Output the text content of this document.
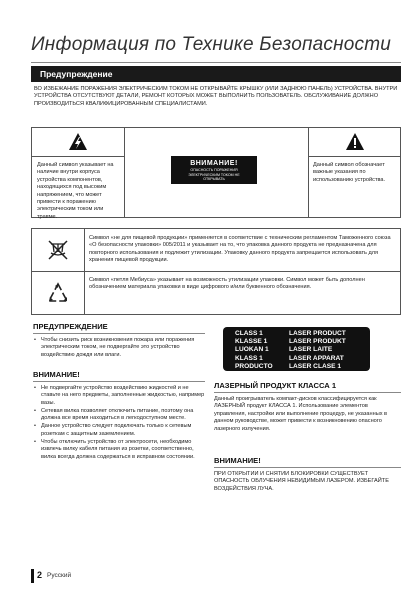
Информация по Технике Безопасности
Предупреждение
ВО ИЗБЕЖАНИЕ ПОРАЖЕНИЯ ЭЛЕКТРИЧЕСКИМ ТОКОМ НЕ ОТКРЫВАЙТЕ КРЫШКУ (ИЛИ ЗАДНЮЮ ПАНЕЛЬ) УСТРОЙСТВА. ВНУТРИ УСТРОЙСТВА ОТСУТСТВУЮТ ДЕТАЛИ, РЕМОНТ КОТОРЫХ МОЖЕТ ВЫПОЛНИТЬ ПОЛЬЗОВАТЕЛЬ. ОБСЛУЖИВАНИЕ ДОЛЖНО ПРОИЗВОДИТЬСЯ КВАЛИФИЦИРОВАННЫМ СПЕЦИАЛИСТАМИ.
Данный символ указывает на наличие внутри корпуса устройства компонентов, находящихся под высоким напряжением, что может привести к поражению электрическим током или травме.
ВНИМАНИЕ!
ОПАСНОСТЬ ПОРАЖЕНИЯ ЭЛЕКТРИЧЕСКИМ ТОКОМ НЕ ОТКРЫВАТЬ
Данный символ обозначает важные указания по использованию устройства.
Символ «не для пищевой продукции» применяется в соответствие с техническим регламентом Таможенного союза «О безопасности упаковки» 005/2011 и указывает на то, что упаковка данного продукта не предназначена для повторного использования и подлежит утилизации. Упаковку данного продукта запрещается использовать для хранения пищевой продукции.
Символ «петля Мебиуса» указывает на возможность утилизации упаковки. Символ может быть дополнен обозначением материала упаковки в виде цифрового и/или буквенного обозначения.
ПРЕДУПРЕЖДЕНИЕ
• Чтобы снизить риск возникновения пожара или поражения электрическим током, не подвергайте это устройство воздействию дождя или влаги.
ВНИМАНИЕ!
• Не подвергайте устройство воздействию жидкостей и не ставьте на него предметы, заполненные жидкостью, например вазы.
• Сетевая вилка позволяет отключить питание, поэтому она должна все время находиться в легкодоступном месте.
• Данное устройство следует подключать только к сетевым розеткам с защитным заземлением.
• Чтобы отключить устройство от электросети, необходимо извлечь вилку кабеля питания из розетки, соответственно, вилка всегда должна содержаться в исправном состоянии.
CLASS 1	LASER PRODUCT
KLASSE 1	LASER PRODUKT
LUOKAN 1	LASER LAITE
KLASS 1	LASER APPARAT
PRODUCTO	LASER CLASE 1
ЛАЗЕРНЫЙ ПРОДУКТ КЛАССА 1
Данный проигрыватель компакт-дисков классифицируется как ЛАЗЕРНЫЙ продукт КЛАССА 1. Использование элементов управления, настройки или выполнение процедур, не указанных в данном руководстве, может привести к возникновению опасного лазерного излучения.
ВНИМАНИЕ!
ПРИ ОТКРЫТИИ И СНЯТИИ БЛОКИРОВКИ СУЩЕСТВУЕТ ОПАСНОСТЬ ОБЛУЧЕНИЯ НЕВИДИМЫМ ЛАЗЕРОМ. ИЗБЕГАЙТЕ ВОЗДЕЙСТВИЯ ЛУЧА.
2 Русский
